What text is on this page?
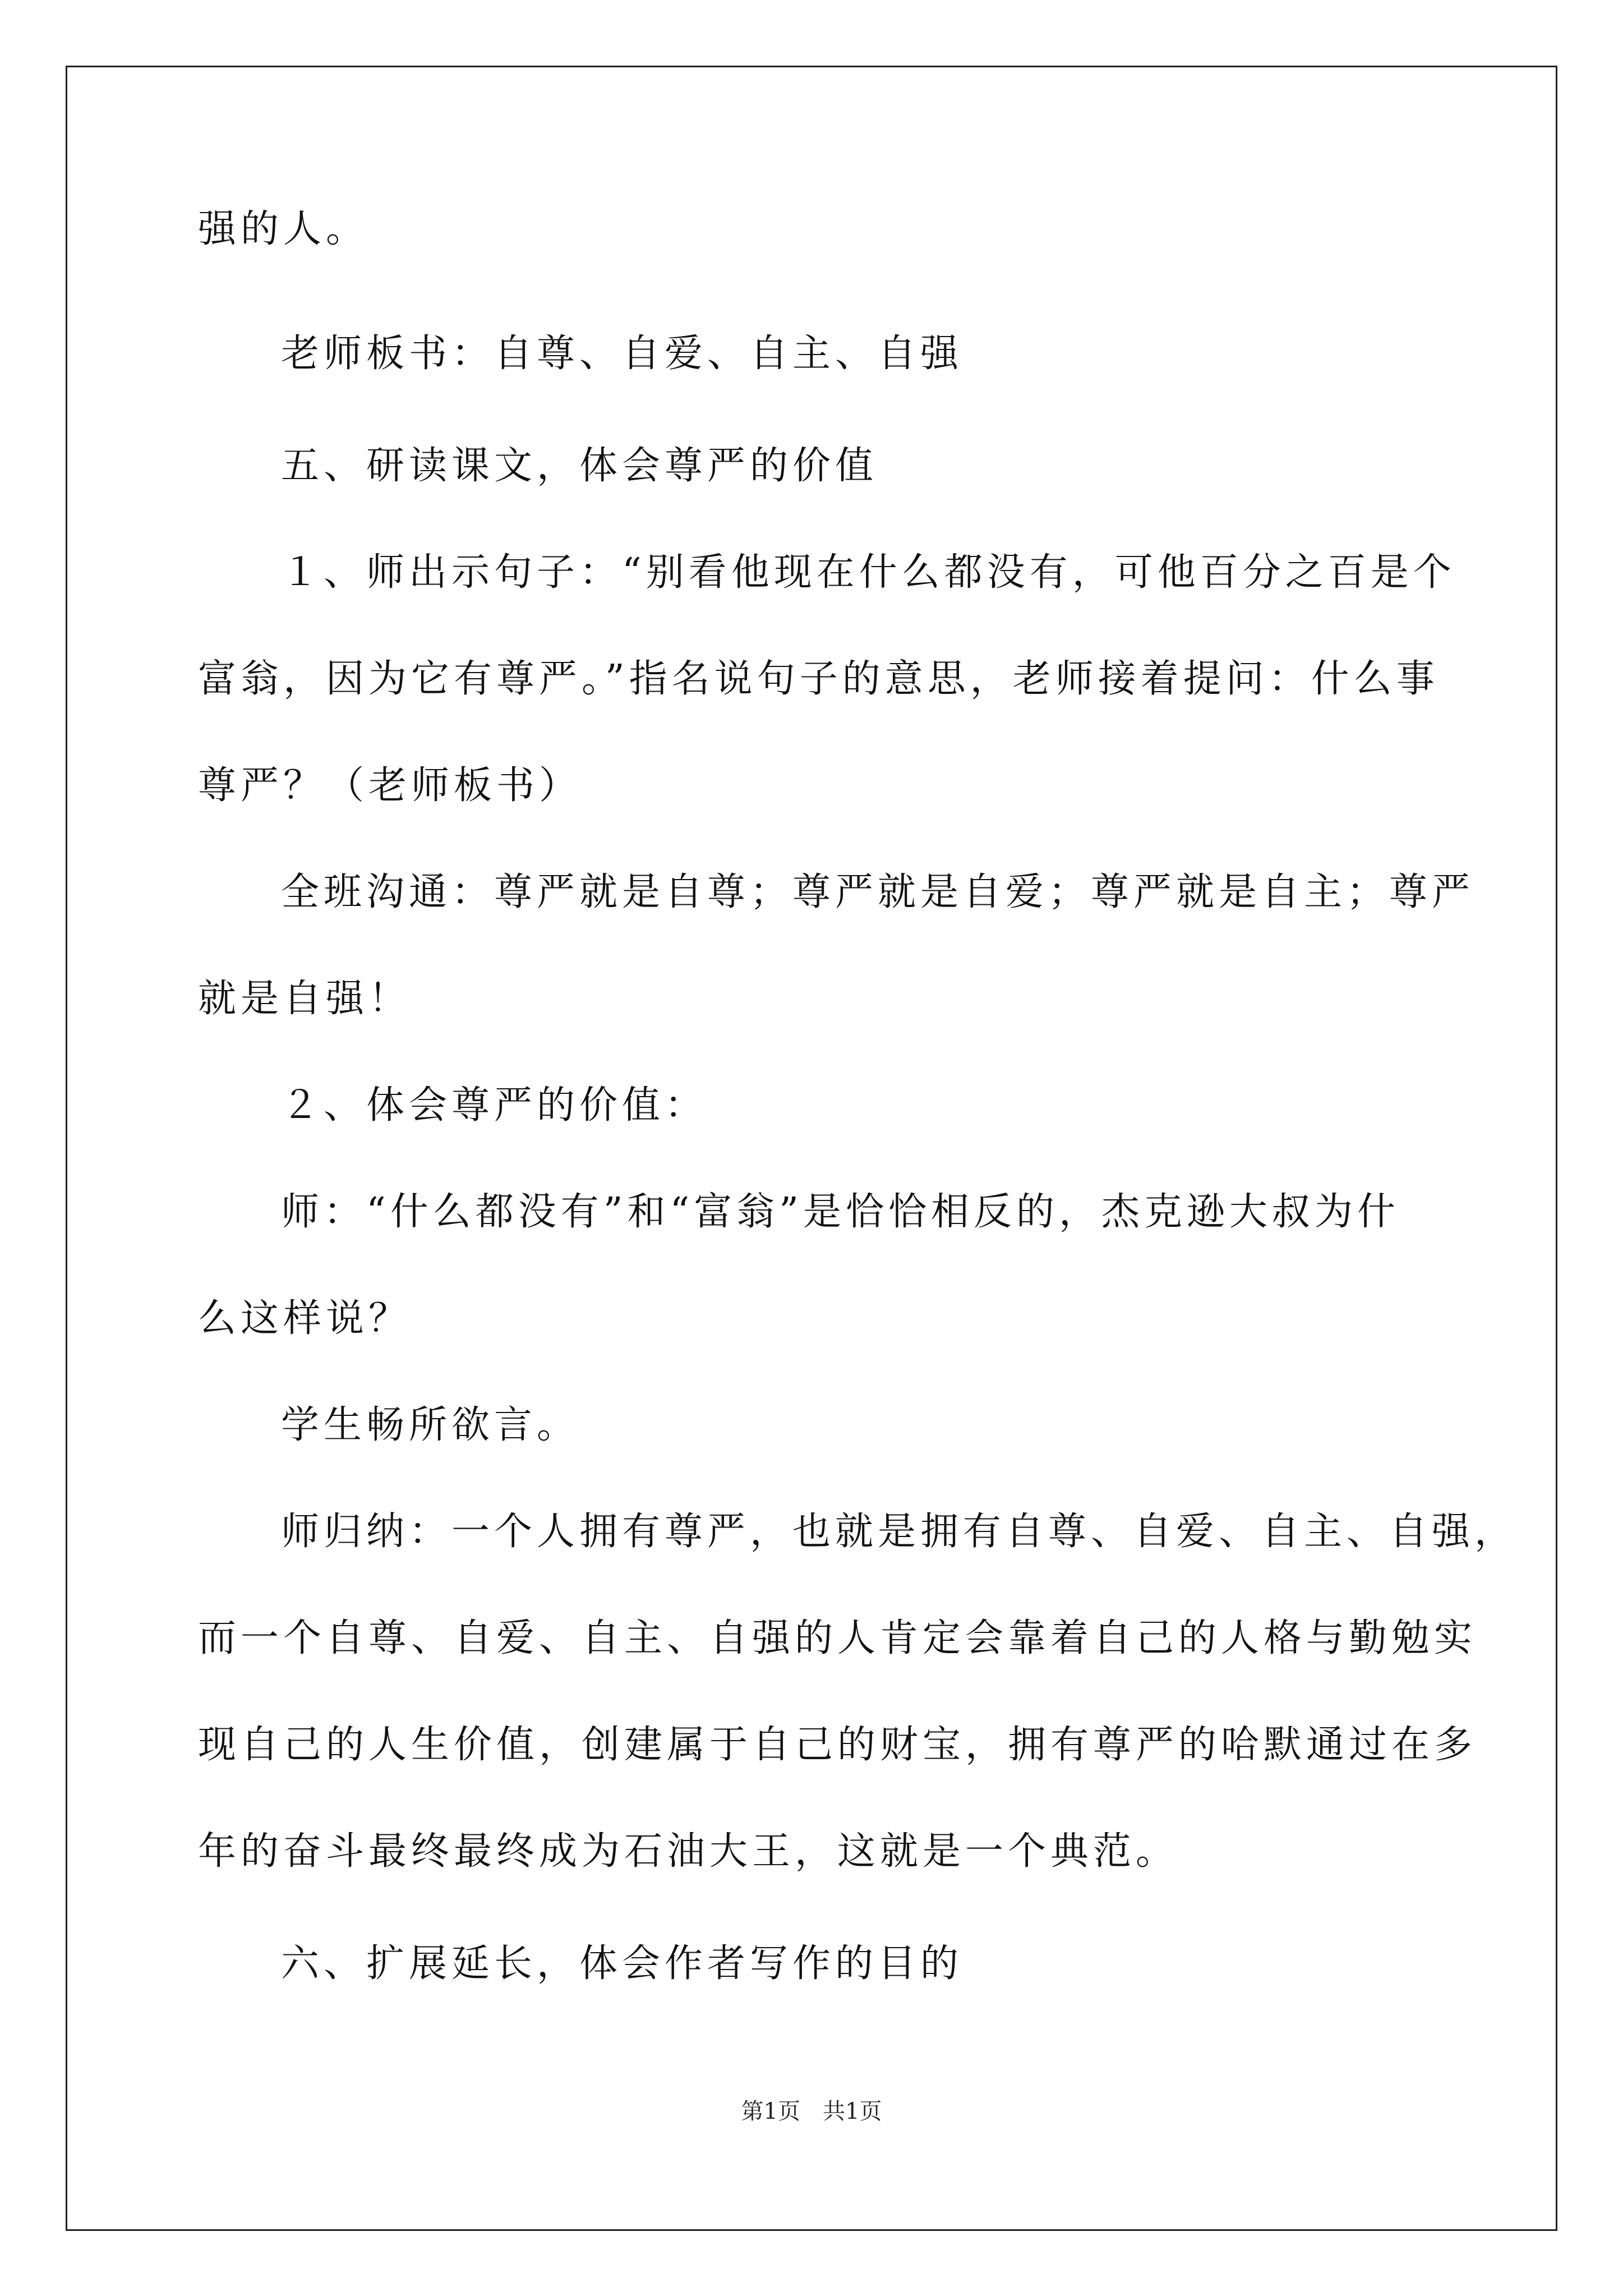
强的人。
老师板书：自尊、自爱、自主、自强
五、研读课文，体会尊严的价值
１、师出示句子：“别看他现在什么都没有，可他百分之百是个
富翁，因为它有尊严。”指名说句子的意思，老师接着提问：什么事
尊严？（老师板书）
全班沟通：尊严就是自尊；尊严就是自爱；尊严就是自主；尊严
就是自强！
２、体会尊严的价值：
师：“什么都没有”和“富翁”是恰恰相反的，杰克逊大叔为什
么这样说？
学生畅所欲言。
师归纳：一个人拥有尊严，也就是拥有自尊、自爱、自主、自强，
而一个自尊、自爱、自主、自强的人肯定会靠着自己的人格与勤勉实
现自己的人生价值，创建属于自己的财宝，拥有尊严的哈默通过在多
年的奋斗最终最终成为石油大王，这就是一个典范。
六、扩展延长，体会作者写作的目的
第1页　共1页
